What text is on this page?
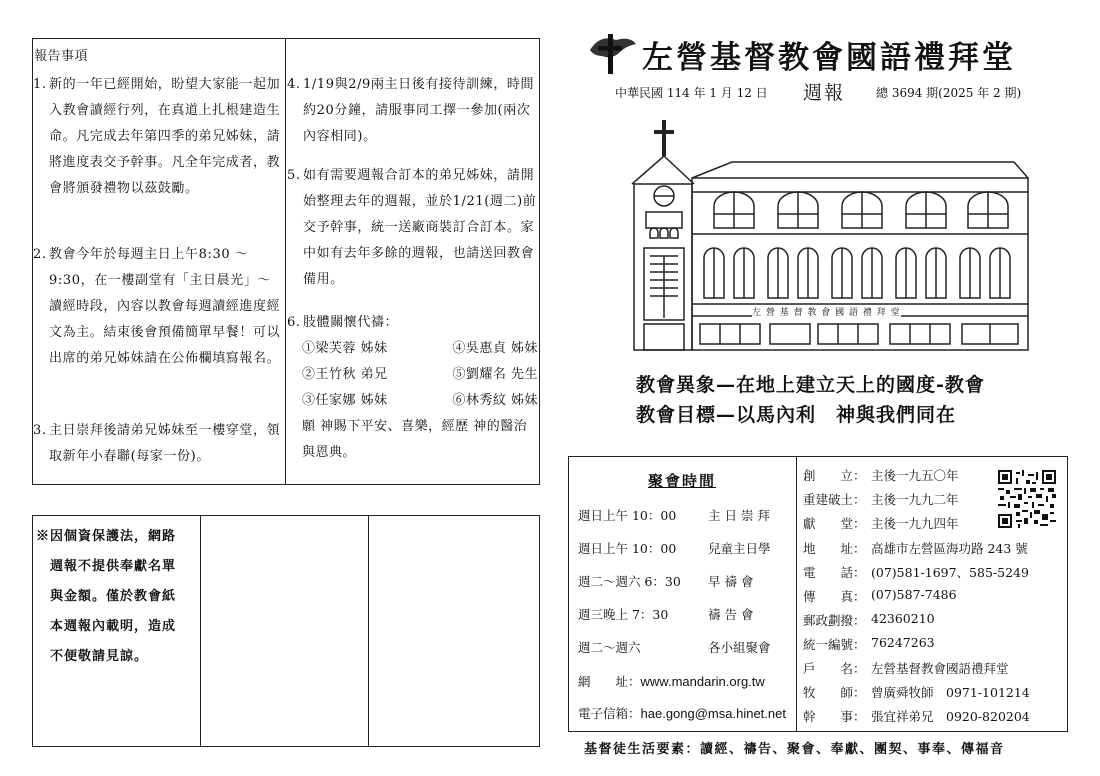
報告事項
1. 新的一年已經開始，盼望大家能一起加入教會讀經行列，在真道上扎根建造生命。凡完成去年第四季的弟兄姊妹，請將進度表交予幹事。凡全年完成者，教會將頒發禮物以茲鼓勵。
2. 教會今年於每週主日上午8:30 ～9:30，在一樓副堂有「主日晨光」～讀經時段，內容以教會每週讀經進度經文為主。結束後會預備簡單早餐！可以出席的弟兄姊妹請在公佈欄填寫報名。
3. 主日崇拜後請弟兄姊妹至一樓穿堂，領取新年小春聯(每家一份)。
4. 1/19與2/9兩主日後有接待訓練，時間約20分鐘，請服事同工擇一參加(兩次內容相同)。
5. 如有需要週報合訂本的弟兄姊妹，請開始整理去年的週報，並於1/21(週二)前交予幹事，統一送廠商裝訂合訂本。家中如有去年多餘的週報，也請送回教會備用。
6. 肢體關懷代禱：
①梁芙蓉 姊妹	④吳惠貞 姊妹
②王竹秋 弟兄	⑤劉耀名 先生
③任家娜 姊妹	⑥林秀紋 姊妹
願 神賜下平安、喜樂，經歷 神的醫治與恩典。
※因個資保護法，網路
週報不提供奉獻名單
與金額。僅於教會紙
本週報內載明，造成
不便敬請見諒。
左營基督教會國語禮拜堂
中華民國 114 年 1 月 12 日 週報	總 3694 期(2025 年 2 期)
左 營 基 督 教 會 國 語 禮 拜 堂
教會異象—在地上建立天上的國度-教會
教會目標—以馬內利　神與我們同在
聚會時間
週日上午 10：00	主 日 崇 拜
週日上午 10：00	兒童主日學
週二～週六 6：30 早 禱 會
週三晚上 7：30	禱 告 會
週二～週六	各小組聚會
網　　址：www.mandarin.org.tw
電子信箱：hae.gong@msa.hinet.net
創　　立： 主後一九五〇年
重建破土： 主後一九九二年
獻　　堂： 主後一九九四年
地　　址： 高雄市左營區海功路 243 號
電　　話： (07)581-1697、585-5249
傳　　真： (07)587-7486
郵政劃撥： 42360210
統一編號： 76247263
戶　　名： 左營基督教會國語禮拜堂
牧　　師： 曾廣舜牧師　0971-101214
幹　　事： 張宜祥弟兄　0920-820204
基督徒生活要素：讀經、禱告、聚會、奉獻、團契、事奉、傳福音
